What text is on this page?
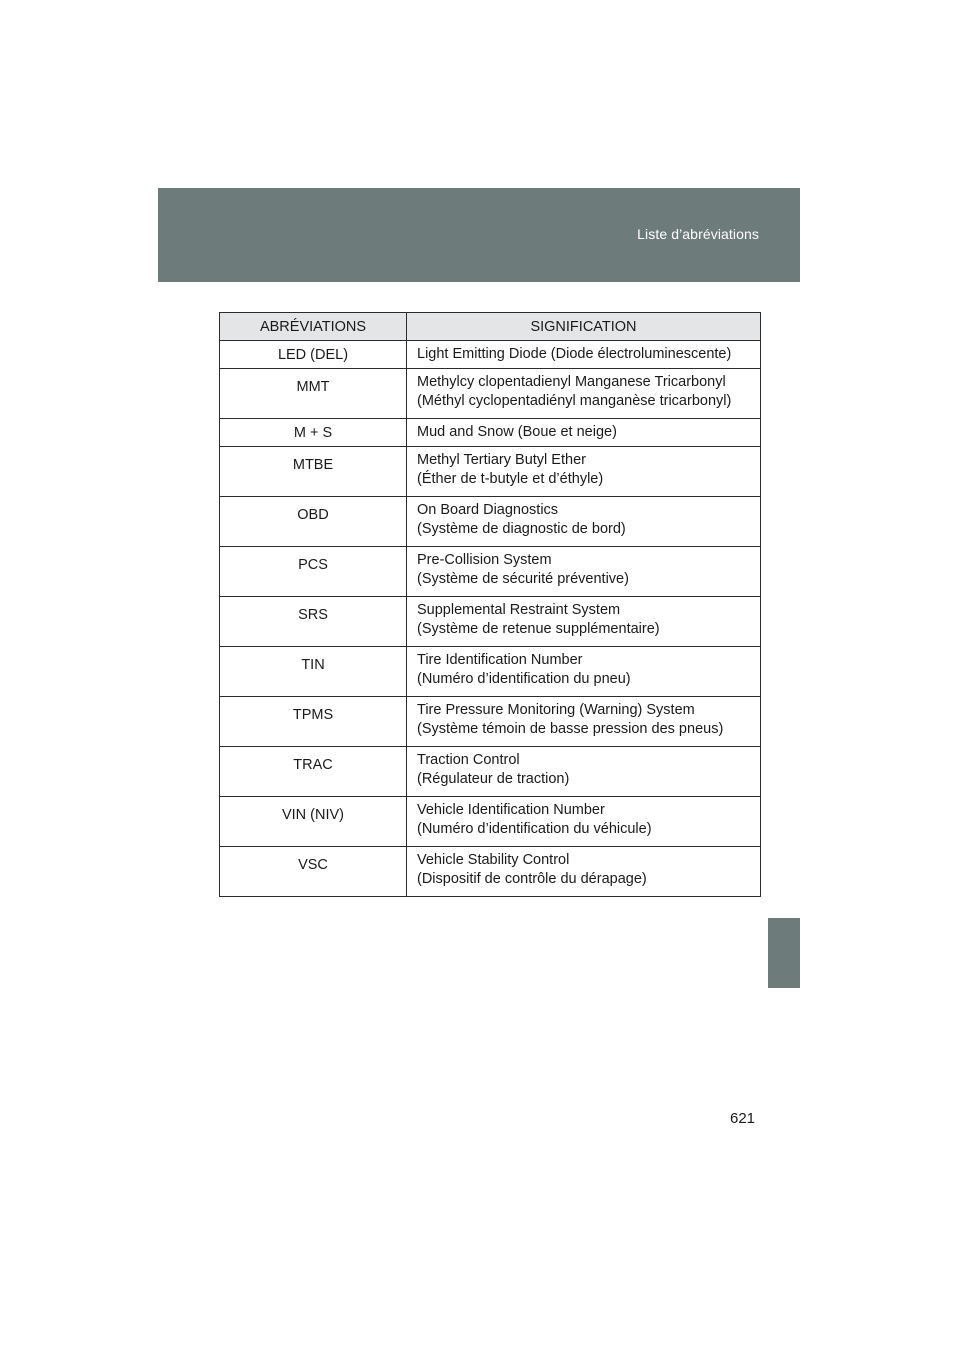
Liste d’abréviations
ABRÉVIATIONS	SIGNIFICATION
LED (DEL)	Light Emitting Diode (Diode électroluminescente)

MMT	Methylcy clopentadienyl Manganese Tricarbonyl
(Méthyl cyclopentadiényl manganèse tricarbonyl)

M + S	Mud and Snow (Boue et neige)

MTBE	Methyl Tertiary Butyl Ether
(Éther de t-butyle et d’éthyle)

OBD	On Board Diagnostics
(Système de diagnostic de bord)

PCS	Pre-Collision System
(Système de sécurité préventive)

SRS	Supplemental Restraint System
(Système de retenue supplémentaire)

TIN	Tire Identification Number
(Numéro d’identification du pneu)

TPMS	Tire Pressure Monitoring (Warning) System
(Système témoin de basse pression des pneus)

TRAC	Traction Control
(Régulateur de traction)

VIN (NIV)	Vehicle Identification Number
(Numéro d’identification du véhicule)

VSC	Vehicle Stability Control
(Dispositif de contrôle du dérapage)
621
